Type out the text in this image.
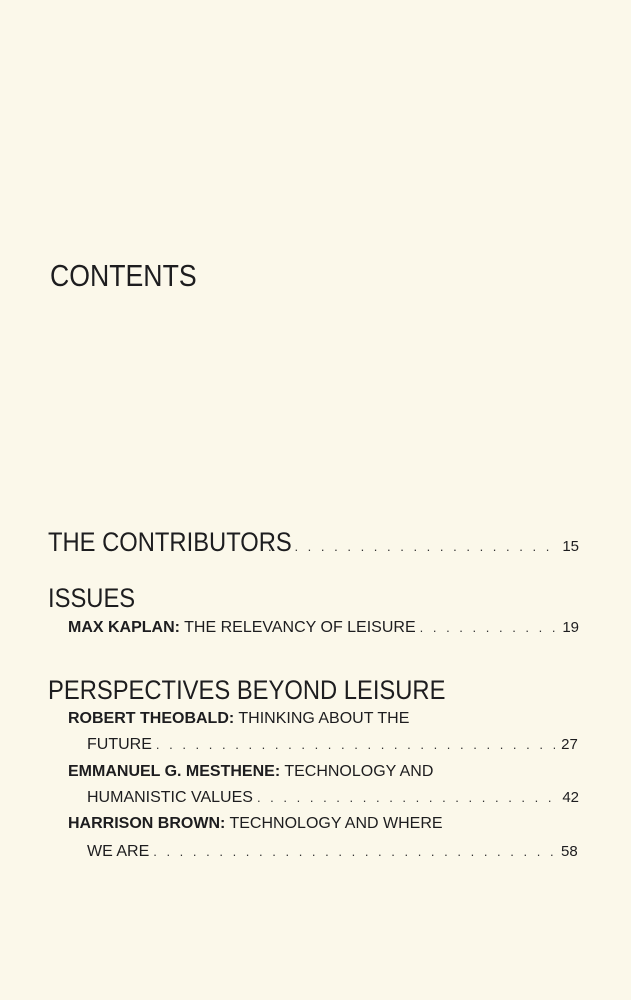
CONTENTS
THE CONTRIBUTORS . . .	15
ISSUES
MAX KAPLAN: THE RELEVANCY OF LEISURE . . .	19
PERSPECTIVES BEYOND LEISURE
ROBERT THEOBALD: THINKING ABOUT THE
FUTURE . . .	27
EMMANUEL G. MESTHENE: TECHNOLOGY AND
HUMANISTIC VALUES . . .	42
HARRISON BROWN: TECHNOLOGY AND WHERE
WE ARE . . .	58
